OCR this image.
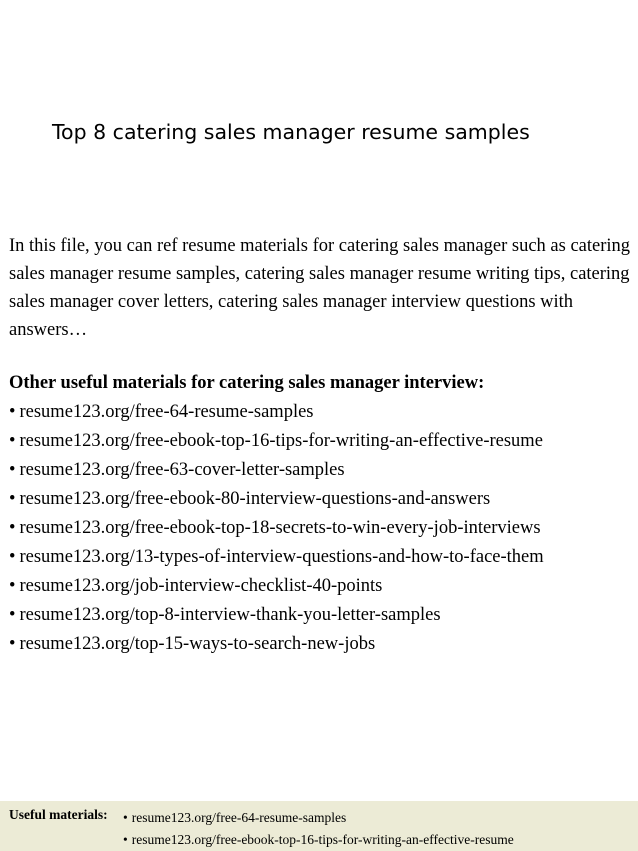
Top 8 catering sales manager resume samples

In this file, you can ref resume materials for catering sales manager such as catering sales manager resume samples, catering sales manager resume writing tips, catering sales manager cover letters, catering sales manager interview questions with answers…

Other useful materials for catering sales manager interview:
• resume123.org/free-64-resume-samples
• resume123.org/free-ebook-top-16-tips-for-writing-an-effective-resume
• resume123.org/free-63-cover-letter-samples
• resume123.org/free-ebook-80-interview-questions-and-answers
• resume123.org/free-ebook-top-18-secrets-to-win-every-job-interviews
• resume123.org/13-types-of-interview-questions-and-how-to-face-them
• resume123.org/job-interview-checklist-40-points
• resume123.org/top-8-interview-thank-you-letter-samples
• resume123.org/top-15-ways-to-search-new-jobs
Useful materials: • resume123.org/free-64-resume-samples
• resume123.org/free-ebook-top-16-tips-for-writing-an-effective-resume
